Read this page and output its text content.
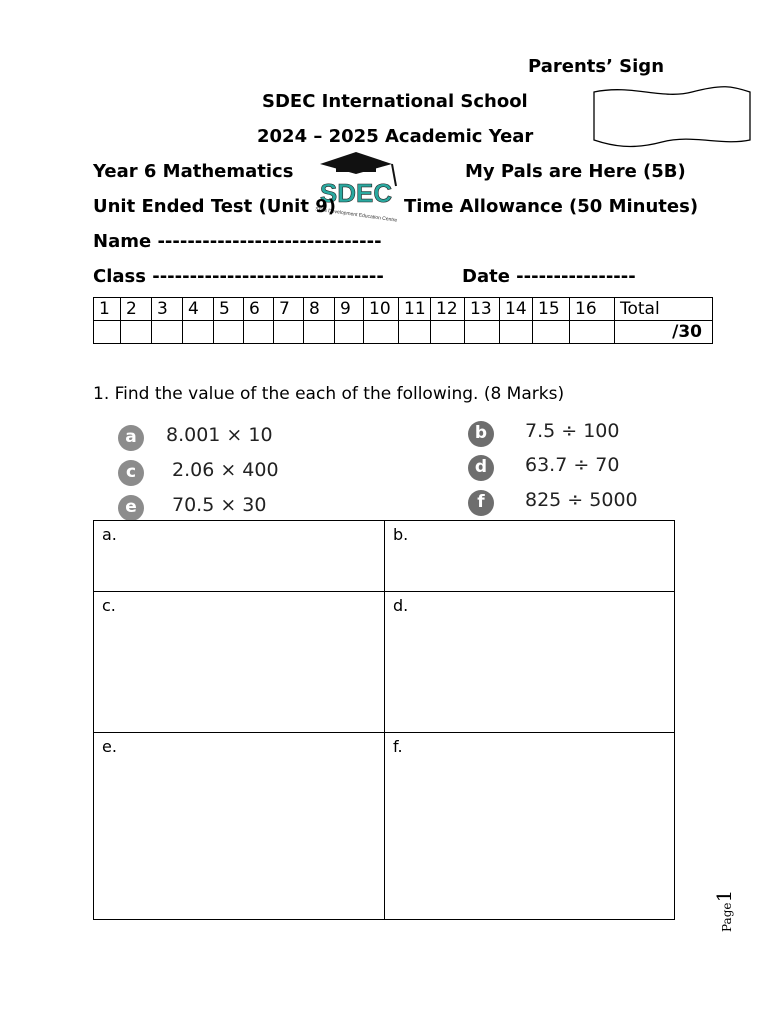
Parents’ Sign
SDEC International School
2024 – 2025 Academic Year
SDEC
Skills Development Education Centre
Year 6 Mathematics	My Pals are Here (5B)
Unit Ended Test (Unit 9)	Time Allowance (50 Minutes)
Name ------------------------------
Class -------------------------------	Date ----------------
1	2	3	4	5	6	7	8	9	10	11	12	13	14	15	16	Total
																/30
1. Find the value of the each of the following. (8 Marks)
a	8.001 × 10	b	7.5 ÷ 100
c	2.06 × 400	d	63.7 ÷ 70
e	70.5 × 30	f	825 ÷ 5000
a.	b.
c.	d.
e.	f.
Page1
